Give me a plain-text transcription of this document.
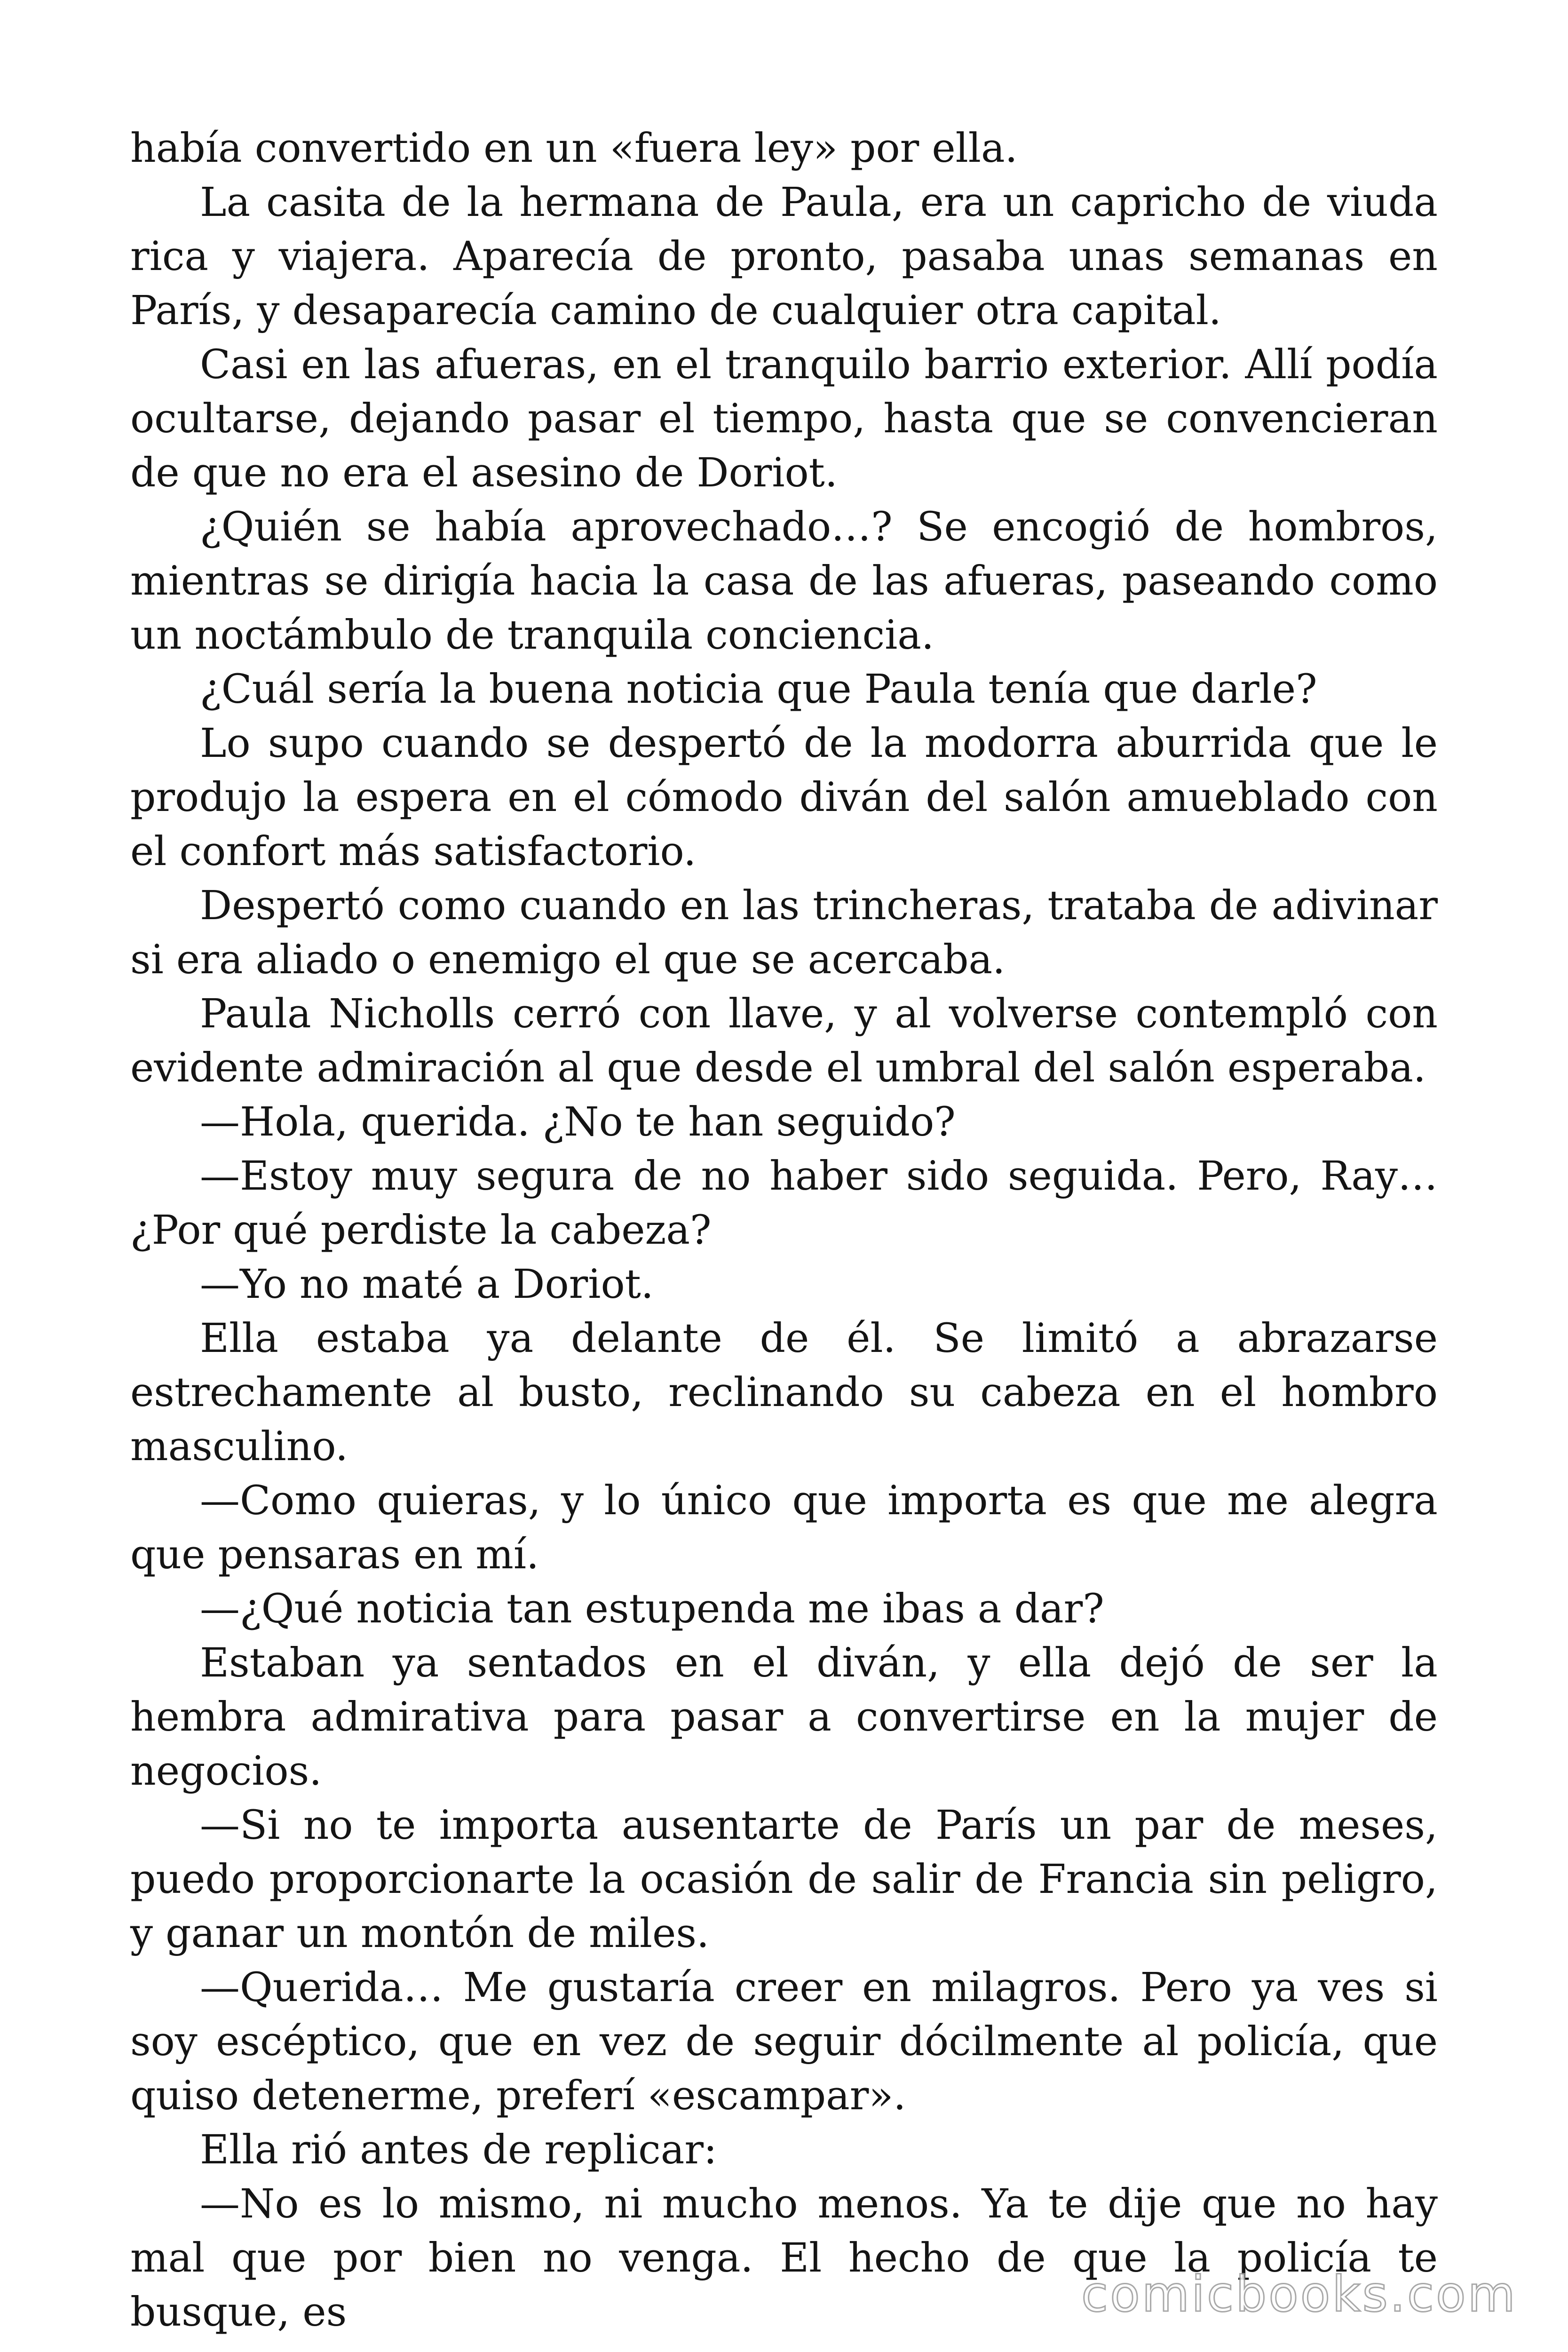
había convertido en un «fuera ley» por ella.

La casita de la hermana de Paula, era un capricho de viuda rica y viajera. Aparecía de pronto, pasaba unas semanas en París, y desaparecía camino de cualquier otra capital.

Casi en las afueras, en el tranquilo barrio exterior. Allí podía ocultarse, dejando pasar el tiempo, hasta que se convencieran de que no era el asesino de Doriot.

¿Quién se había aprovechado…? Se encogió de hombros, mientras se dirigía hacia la casa de las afueras, paseando como un noctámbulo de tranquila conciencia.

¿Cuál sería la buena noticia que Paula tenía que darle?

Lo supo cuando se despertó de la modorra aburrida que le produjo la espera en el cómodo diván del salón amueblado con el confort más satisfactorio.

Despertó como cuando en las trincheras, trataba de adivinar si era aliado o enemigo el que se acercaba.

Paula Nicholls cerró con llave, y al volverse contempló con evidente admiración al que desde el umbral del salón esperaba.

—Hola, querida. ¿No te han seguido?

—Estoy muy segura de no haber sido seguida. Pero, Ray… ¿Por qué perdiste la cabeza?

—Yo no maté a Doriot.

Ella estaba ya delante de él. Se limitó a abrazarse estrechamente al busto, reclinando su cabeza en el hombro masculino.

—Como quieras, y lo único que importa es que me alegra que pensaras en mí.

—¿Qué noticia tan estupenda me ibas a dar?

Estaban ya sentados en el diván, y ella dejó de ser la hembra admirativa para pasar a convertirse en la mujer de negocios.

—Si no te importa ausentarte de París un par de meses, puedo proporcionarte la ocasión de salir de Francia sin peligro, y ganar un montón de miles.

—Querida… Me gustaría creer en milagros. Pero ya ves si soy escéptico, que en vez de seguir dócilmente al policía, que quiso detenerme, preferí «escampar».

Ella rió antes de replicar:

—No es lo mismo, ni mucho menos. Ya te dije que no hay mal que por bien no venga. El hecho de que la policía te busque, es	comicbooks.com
